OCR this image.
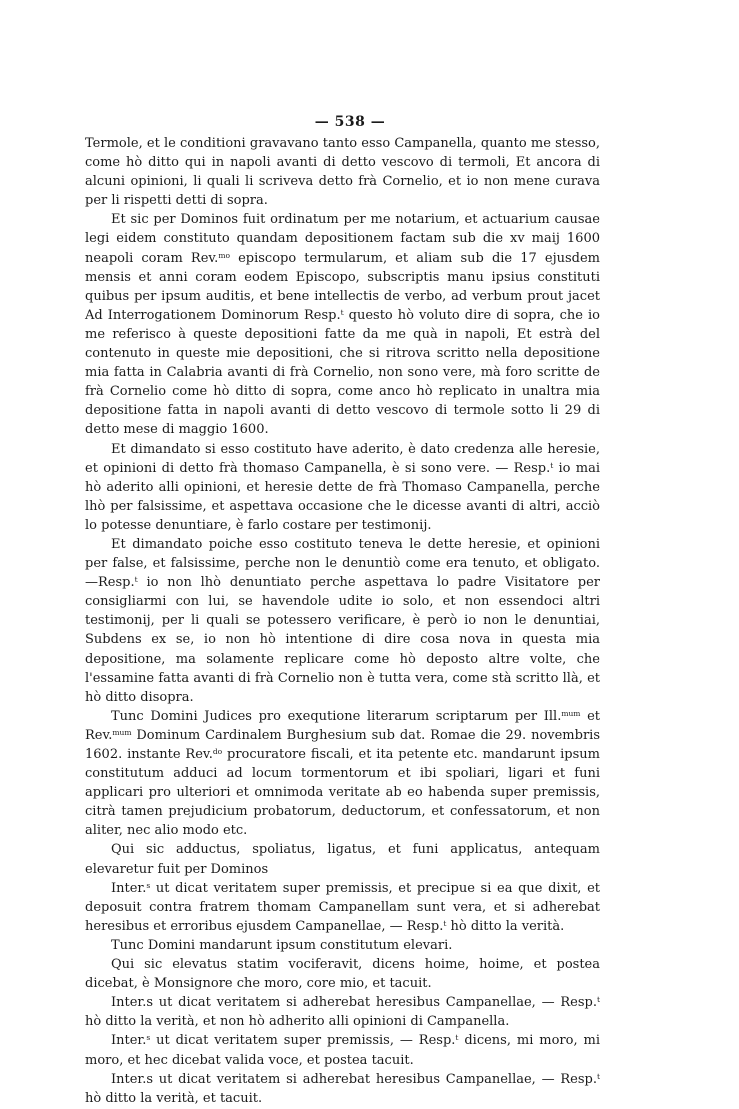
— 538 —

Termole, et le conditioni gravavano tanto esso Campanella, quanto me stesso, come hò ditto qui in napoli avanti di detto vescovo di termoli, Et ancora di alcuni opinioni, li quali li scriveva detto frà Cornelio, et io non mene curava per li rispetti detti di sopra.

Et sic per Dominos fuit ordinatum per me notarium, et actuarium causae legi eidem constituto quandam depositionem factam sub die xv maij 1600 neapoli coram Rev.$^{mo}$ episcopo termularum, et aliam sub die 17 ejusdem mensis et anni coram eodem Episcopo, subscriptis manu ipsius constituti quibus per ipsum auditis, et bene intellectis de verbo, ad verbum prout jacet Ad Interrogationem Dominorum Resp.$^t$ questo hò voluto dire di sopra, che io me referisco à queste depositioni fatte da me quà in napoli, Et estrà del contenuto in queste mie depositioni, che si ritrova scritto nella depositione mia fatta in Calabria avanti di frà Cornelio, non sono vere, mà foro scritte de frà Cornelio come hò ditto di sopra, come anco hò replicato in unaltra mia depositione fatta in napoli avanti di detto vescovo di termole sotto li 29 di detto mese di maggio 1600.

Et dimandato si esso costituto have aderito, è dato credenza alle heresie, et opinioni di detto frà thomaso Campanella, è si sono vere. — Resp.$^t$ io mai hò aderito alli opinioni, et heresie dette de frà Thomaso Campanella, perche lhò per falsissime, et aspettava occasione che le dicesse avanti di altri, acciò lo potesse denuntiare, è farlo costare per testimonij.

Et dimandato poiche esso costituto teneva le dette heresie, et opinioni per false, et falsissime, perche non le denuntiò come era tenuto, et obligato.—Resp.$^t$ io non lhò denuntiato perche aspettava lo padre Visitatore per consigliarmi con lui, se havendole udite io solo, et non essendoci altri testimonij, per li quali se potessero verificare, è però io non le denuntiai, Subdens ex se, io non hò intentione di dire cosa nova in questa mia depositione, ma solamente replicare come hò deposto altre volte, che l'essamine fatta avanti di frà Cornelio non è tutta vera, come stà scritto llà, et hò ditto disopra.

Tunc Domini Judices pro exequtione literarum scriptarum per Ill.$^{mum}$ et Rev.$^{mum}$ Dominum Cardinalem Burghesium sub dat. Romae die 29. novembris 1602. instante Rev.$^{do}$ procuratore fiscali, et ita petente etc. mandarunt ipsum constitutum adduci ad locum tormentorum et ibi spoliari, ligari et funi applicari pro ulteriori et omnimoda veritate ab eo habenda super premissis, citrà tamen prejudicium probatorum, deductorum, et confessatorum, et non aliter, nec alio modo etc.

Qui sic adductus, spoliatus, ligatus, et funi applicatus, antequam elevaretur fuit per Dominos

Inter.$^s$ ut dicat veritatem super premissis, et precipue si ea que dixit, et deposuit contra fratrem thomam Campanellam sunt vera, et si adherebat heresibus et erroribus ejusdem Campanellae, — Resp.$^t$ hò ditto la verità.

Tunc Domini mandarunt ipsum constitutum elevari.

Qui sic elevatus statim vociferavit, dicens hoime, hoime, et postea dicebat, è Monsignore che moro, core mio, et tacuit.

Inter.s ut dicat veritatem si adherebat heresibus Campanellae, — Resp.$^t$ hò ditto la verità, et non hò adherito alli opinioni di Campanella.

Inter.$^s$ ut dicat veritatem super premissis, — Resp.$^t$ dicens, mi moro, mi moro, et hec dicebat valida voce, et postea tacuit.

Inter.s ut dicat veritatem si adherebat heresibus Campanellae, — Resp.$^t$ hò ditto la verità, et tacuit.
